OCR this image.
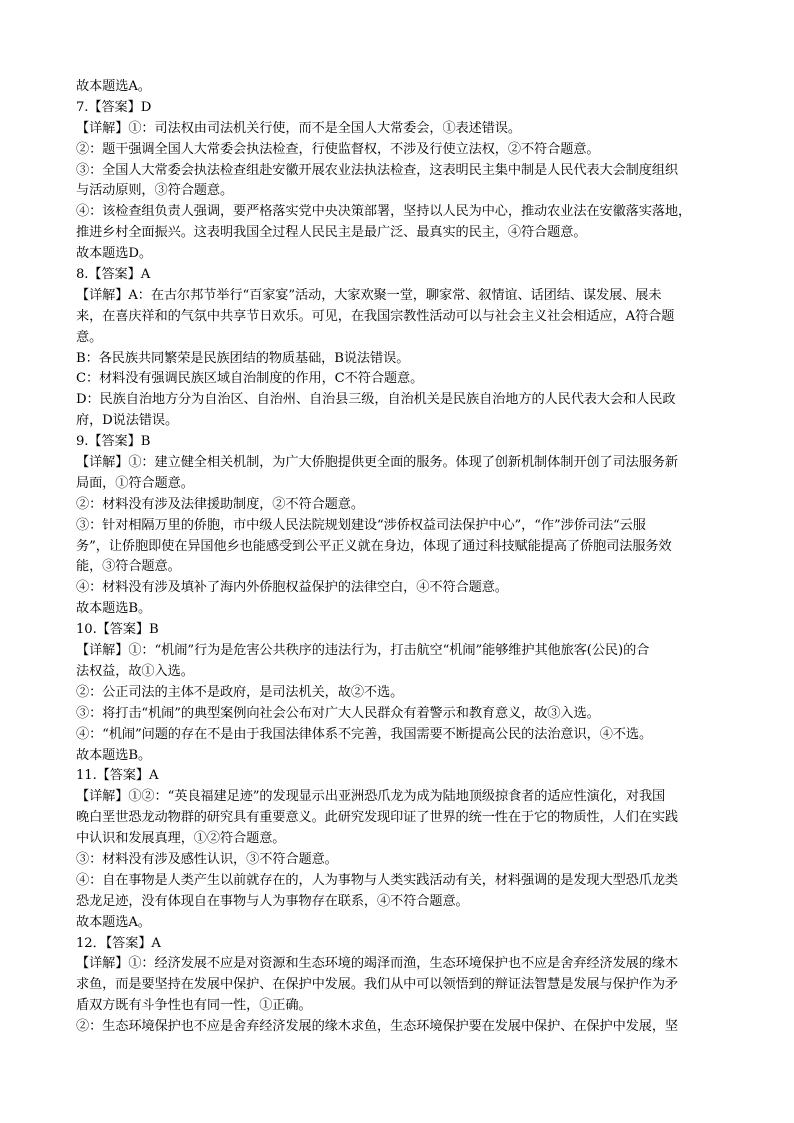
故本题选A。
7.【答案】D
【详解】①：司法权由司法机关行使，而不是全国人大常委会，①表述错误。
②：题干强调全国人大常委会执法检查，行使监督权，不涉及行使立法权，②不符合题意。
③：全国人大常委会执法检查组赴安徽开展农业法执法检查，这表明民主集中制是人民代表大会制度组织
与活动原则，③符合题意。
④：该检查组负责人强调，要严格落实党中央决策部署，坚持以人民为中心，推动农业法在安徽落实落地，
推进乡村全面振兴。这表明我国全过程人民民主是最广泛、最真实的民主，④符合题意。
故本题选D。
8.【答案】A
【详解】A：在古尔邦节举行“百家宴”活动，大家欢聚一堂，聊家常、叙情谊、话团结、谋发展、展未
来，在喜庆祥和的气氛中共享节日欢乐。可见，在我国宗教性活动可以与社会主义社会相适应，A符合题
意。
B：各民族共同繁荣是民族团结的物质基础，B说法错误。
C：材料没有强调民族区域自治制度的作用，C不符合题意。
D：民族自治地方分为自治区、自治州、自治县三级，自治机关是民族自治地方的人民代表大会和人民政
府，D说法错误。
9.【答案】B
【详解】①：建立健全相关机制，为广大侨胞提供更全面的服务。体现了创新机制体制开创了司法服务新
局面，①符合题意。
②：材料没有涉及法律援助制度，②不符合题意。
③：针对相隔万里的侨胞，市中级人民法院规划建设“涉侨权益司法保护中心”，“作”涉侨司法“云服
务”，让侨胞即使在异国他乡也能感受到公平正义就在身边，体现了通过科技赋能提高了侨胞司法服务效
能，③符合题意。
④：材料没有涉及填补了海内外侨胞权益保护的法律空白，④不符合题意。
故本题选B。
10.【答案】B
【详解】①：“机闹”行为是危害公共秩序的违法行为，打击航空“机闹”能够维护其他旅客(公民)的合
法权益，故①入选。
②：公正司法的主体不是政府，是司法机关，故②不选。
③：将打击“机闹”的典型案例向社会公布对广大人民群众有着警示和教育意义，故③入选。
④：“机闹”问题的存在不是由于我国法律体系不完善，我国需要不断提高公民的法治意识，④不选。
故本题选B。
11.【答案】A
【详解】①②：“英良福建足迹”的发现显示出亚洲恐爪龙为成为陆地顶级掠食者的适应性演化，对我国
晚白垩世恐龙动物群的研究具有重要意义。此研究发现印证了世界的统一性在于它的物质性，人们在实践
中认识和发展真理，①②符合题意。
③：材料没有涉及感性认识，③不符合题意。
④：自在事物是人类产生以前就存在的，人为事物与人类实践活动有关，材料强调的是发现大型恐爪龙类
恐龙足迹，没有体现自在事物与人为事物存在联系，④不符合题意。
故本题选A。
12．【答案】A
【详解】①：经济发展不应是对资源和生态环境的竭泽而渔，生态环境保护也不应是舍弃经济发展的缘木
求鱼，而是要坚持在发展中保护、在保护中发展。我们从中可以领悟到的辩证法智慧是发展与保护作为矛
盾双方既有斗争性也有同一性，①正确。
②：生态环境保护也不应是舍弃经济发展的缘木求鱼，生态环境保护要在发展中保护、在保护中发展，坚
